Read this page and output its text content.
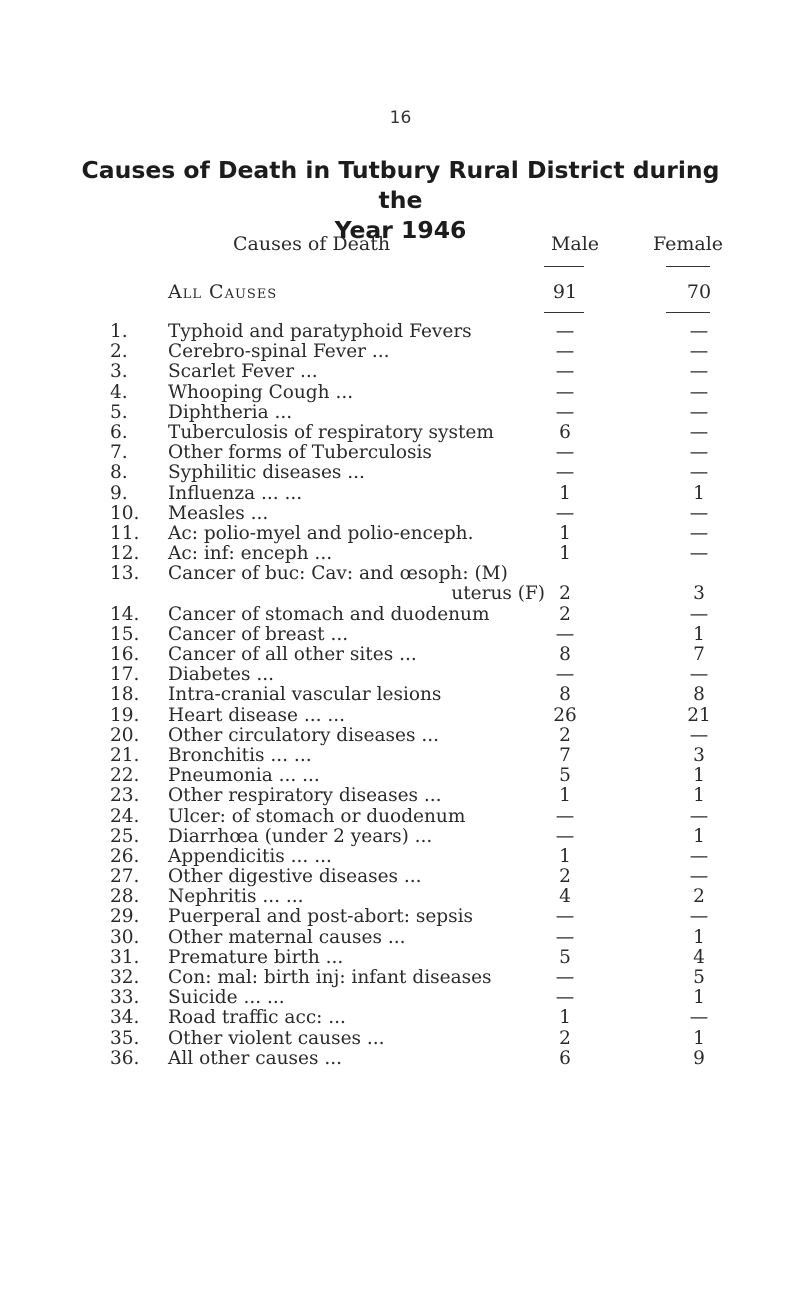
16
Causes of Death in Tutbury Rural District during the
Year 1946
Causes of Death	Male	Female
All Causes	91	70
1.	Typhoid and paratyphoid Fevers	—	—
2.	Cerebro-spinal Fever ...	—	—
3.	Scarlet Fever ...	—	—
4.	Whooping Cough ...	—	—
5.	Diphtheria ...	—	—
6.	Tuberculosis of respiratory system	6	—
7.	Other forms of Tuberculosis	—	—
8.	Syphilitic diseases ...	—	—
9.	Influenza ... ...	1	1
10.	Measles ...	—	—
11.	Ac: polio-myel and polio-enceph.	1	—
12.	Ac: inf: enceph ...	1	—
13.	Cancer of buc: Cav: and œsoph: (M)
uterus (F) 2	3
14.	Cancer of stomach and duodenum	2	—
15.	Cancer of breast ...	—	1
16.	Cancer of all other sites ...	8	7
17.	Diabetes ...	—	—
18.	Intra-cranial vascular lesions	8	8
19.	Heart disease ... ...	26	21
20.	Other circulatory diseases ...	2	—
21.	Bronchitis ... ...	7	3
22.	Pneumonia ... ...	5	1
23.	Other respiratory diseases ...	1	1
24.	Ulcer: of stomach or duodenum	—	—
25.	Diarrhœa (under 2 years) ...	—	1
26.	Appendicitis ... ...	1	—
27.	Other digestive diseases ...	2	—
28.	Nephritis ... ...	4	2
29.	Puerperal and post-abort: sepsis	—	—
30.	Other maternal causes ...	—	1
31.	Premature birth ...	5	4
32.	Con: mal: birth inj: infant diseases	—	5
33.	Suicide ... ...	—	1
34.	Road traffic acc: ...	1	—
35.	Other violent causes ...	2	1
36.	All other causes ...	6	9
